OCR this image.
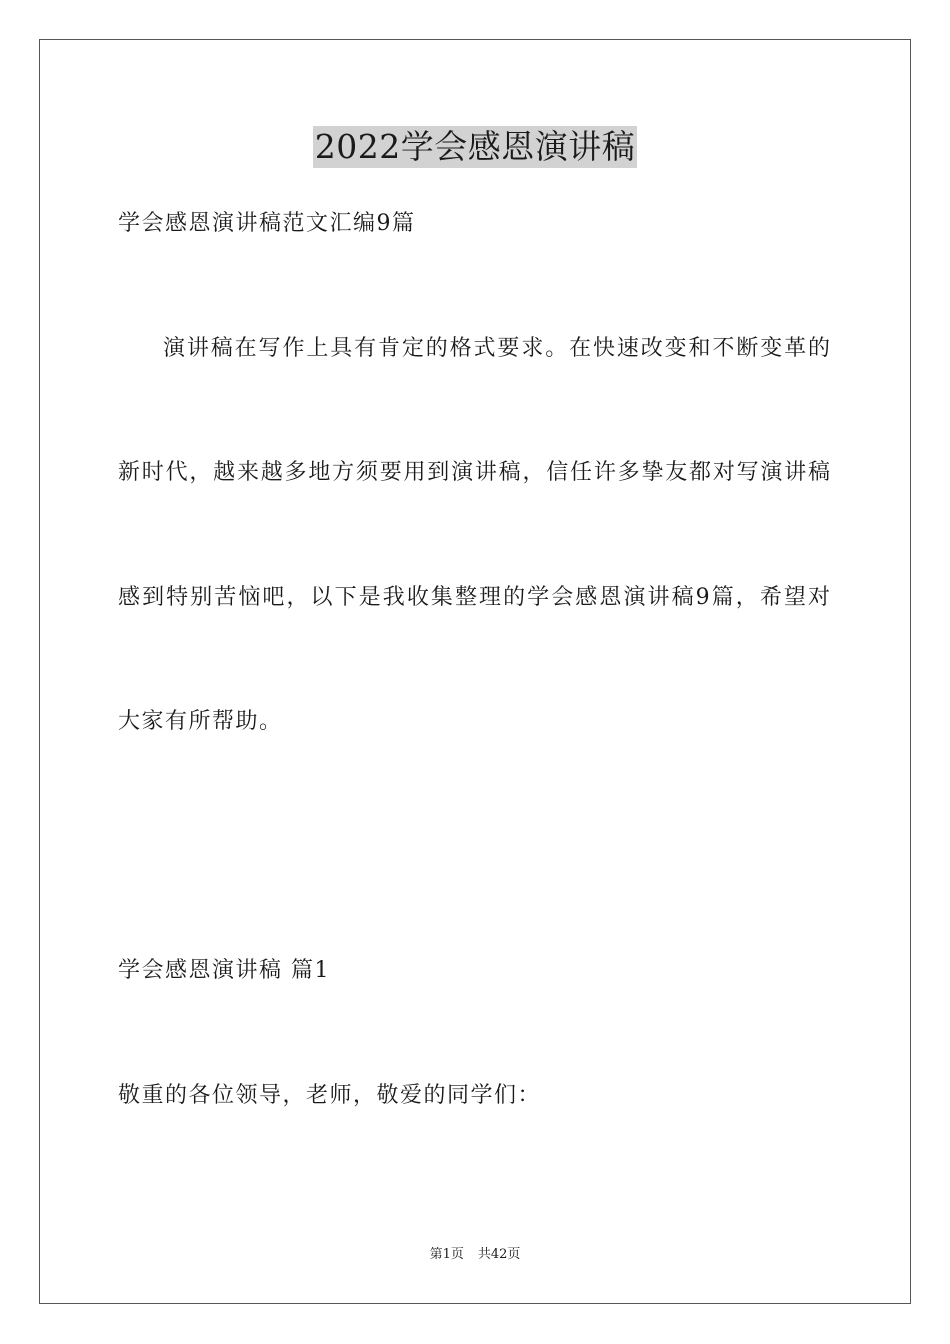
2022学会感恩演讲稿
学会感恩演讲稿范文汇编9篇
演讲稿在写作上具有肯定的格式要求。在快速改变和不断变革的
新时代，越来越多地方须要用到演讲稿，信任许多挚友都对写演讲稿
感到特别苦恼吧，以下是我收集整理的学会感恩演讲稿9篇，希望对
大家有所帮助。
学会感恩演讲稿 篇1
敬重的各位领导，老师，敬爱的同学们：
第1页 共42页
